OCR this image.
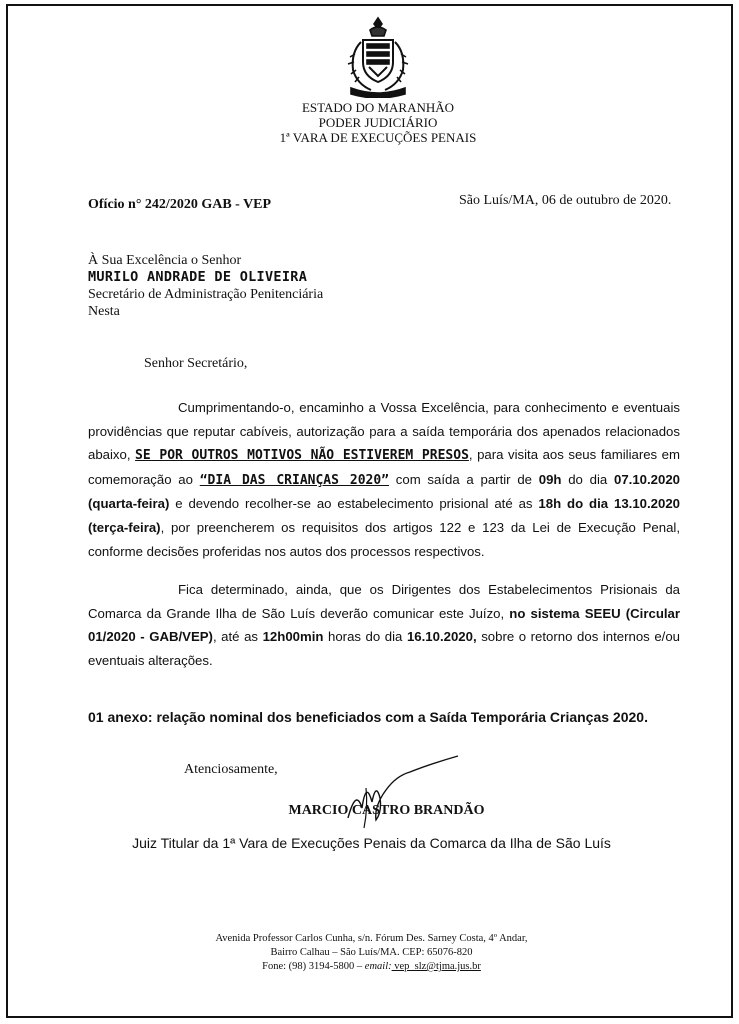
ESTADO DO MARANHÃO
PODER JUDICIÁRIO
1ª VARA DE EXECUÇÕES PENAIS
Ofício n° 242/2020 GAB - VEP	São Luís/MA, 06 de outubro de 2020.
À Sua Excelência o Senhor
MURILO ANDRADE DE OLIVEIRA
Secretário de Administração Penitenciária
Nesta
Senhor Secretário,
Cumprimentando-o, encaminho a Vossa Excelência, para conhecimento e eventuais providências que reputar cabíveis, autorização para a saída temporária dos apenados relacionados abaixo, SE POR OUTROS MOTIVOS NÃO ESTIVEREM PRESOS, para visita aos seus familiares em comemoração ao “DIA DAS CRIANÇAS 2020” com saída a partir de 09h do dia 07.10.2020 (quarta-feira) e devendo recolher-se ao estabelecimento prisional até as 18h do dia 13.10.2020 (terça-feira), por preencherem os requisitos dos artigos 122 e 123 da Lei de Execução Penal, conforme decisões proferidas nos autos dos processos respectivos.
Fica determinado, ainda, que os Dirigentes dos Estabelecimentos Prisionais da Comarca da Grande Ilha de São Luís deverão comunicar este Juízo, no sistema SEEU (Circular 01/2020 - GAB/VEP), até as 12h00min horas do dia 16.10.2020, sobre o retorno dos internos e/ou eventuais alterações.
01 anexo: relação nominal dos beneficiados com a Saída Temporária Crianças 2020.
Atenciosamente,
MARCIO CASTRO BRANDÃO
Juiz Titular da 1ª Vara de Execuções Penais da Comarca da Ilha de São Luís
Avenida Professor Carlos Cunha, s/n. Fórum Des. Sarney Costa, 4º Andar,
Bairro Calhau – São Luís/MA. CEP: 65076-820
Fone: (98) 3194-5800 – email: vep_slz@tjma.jus.br
